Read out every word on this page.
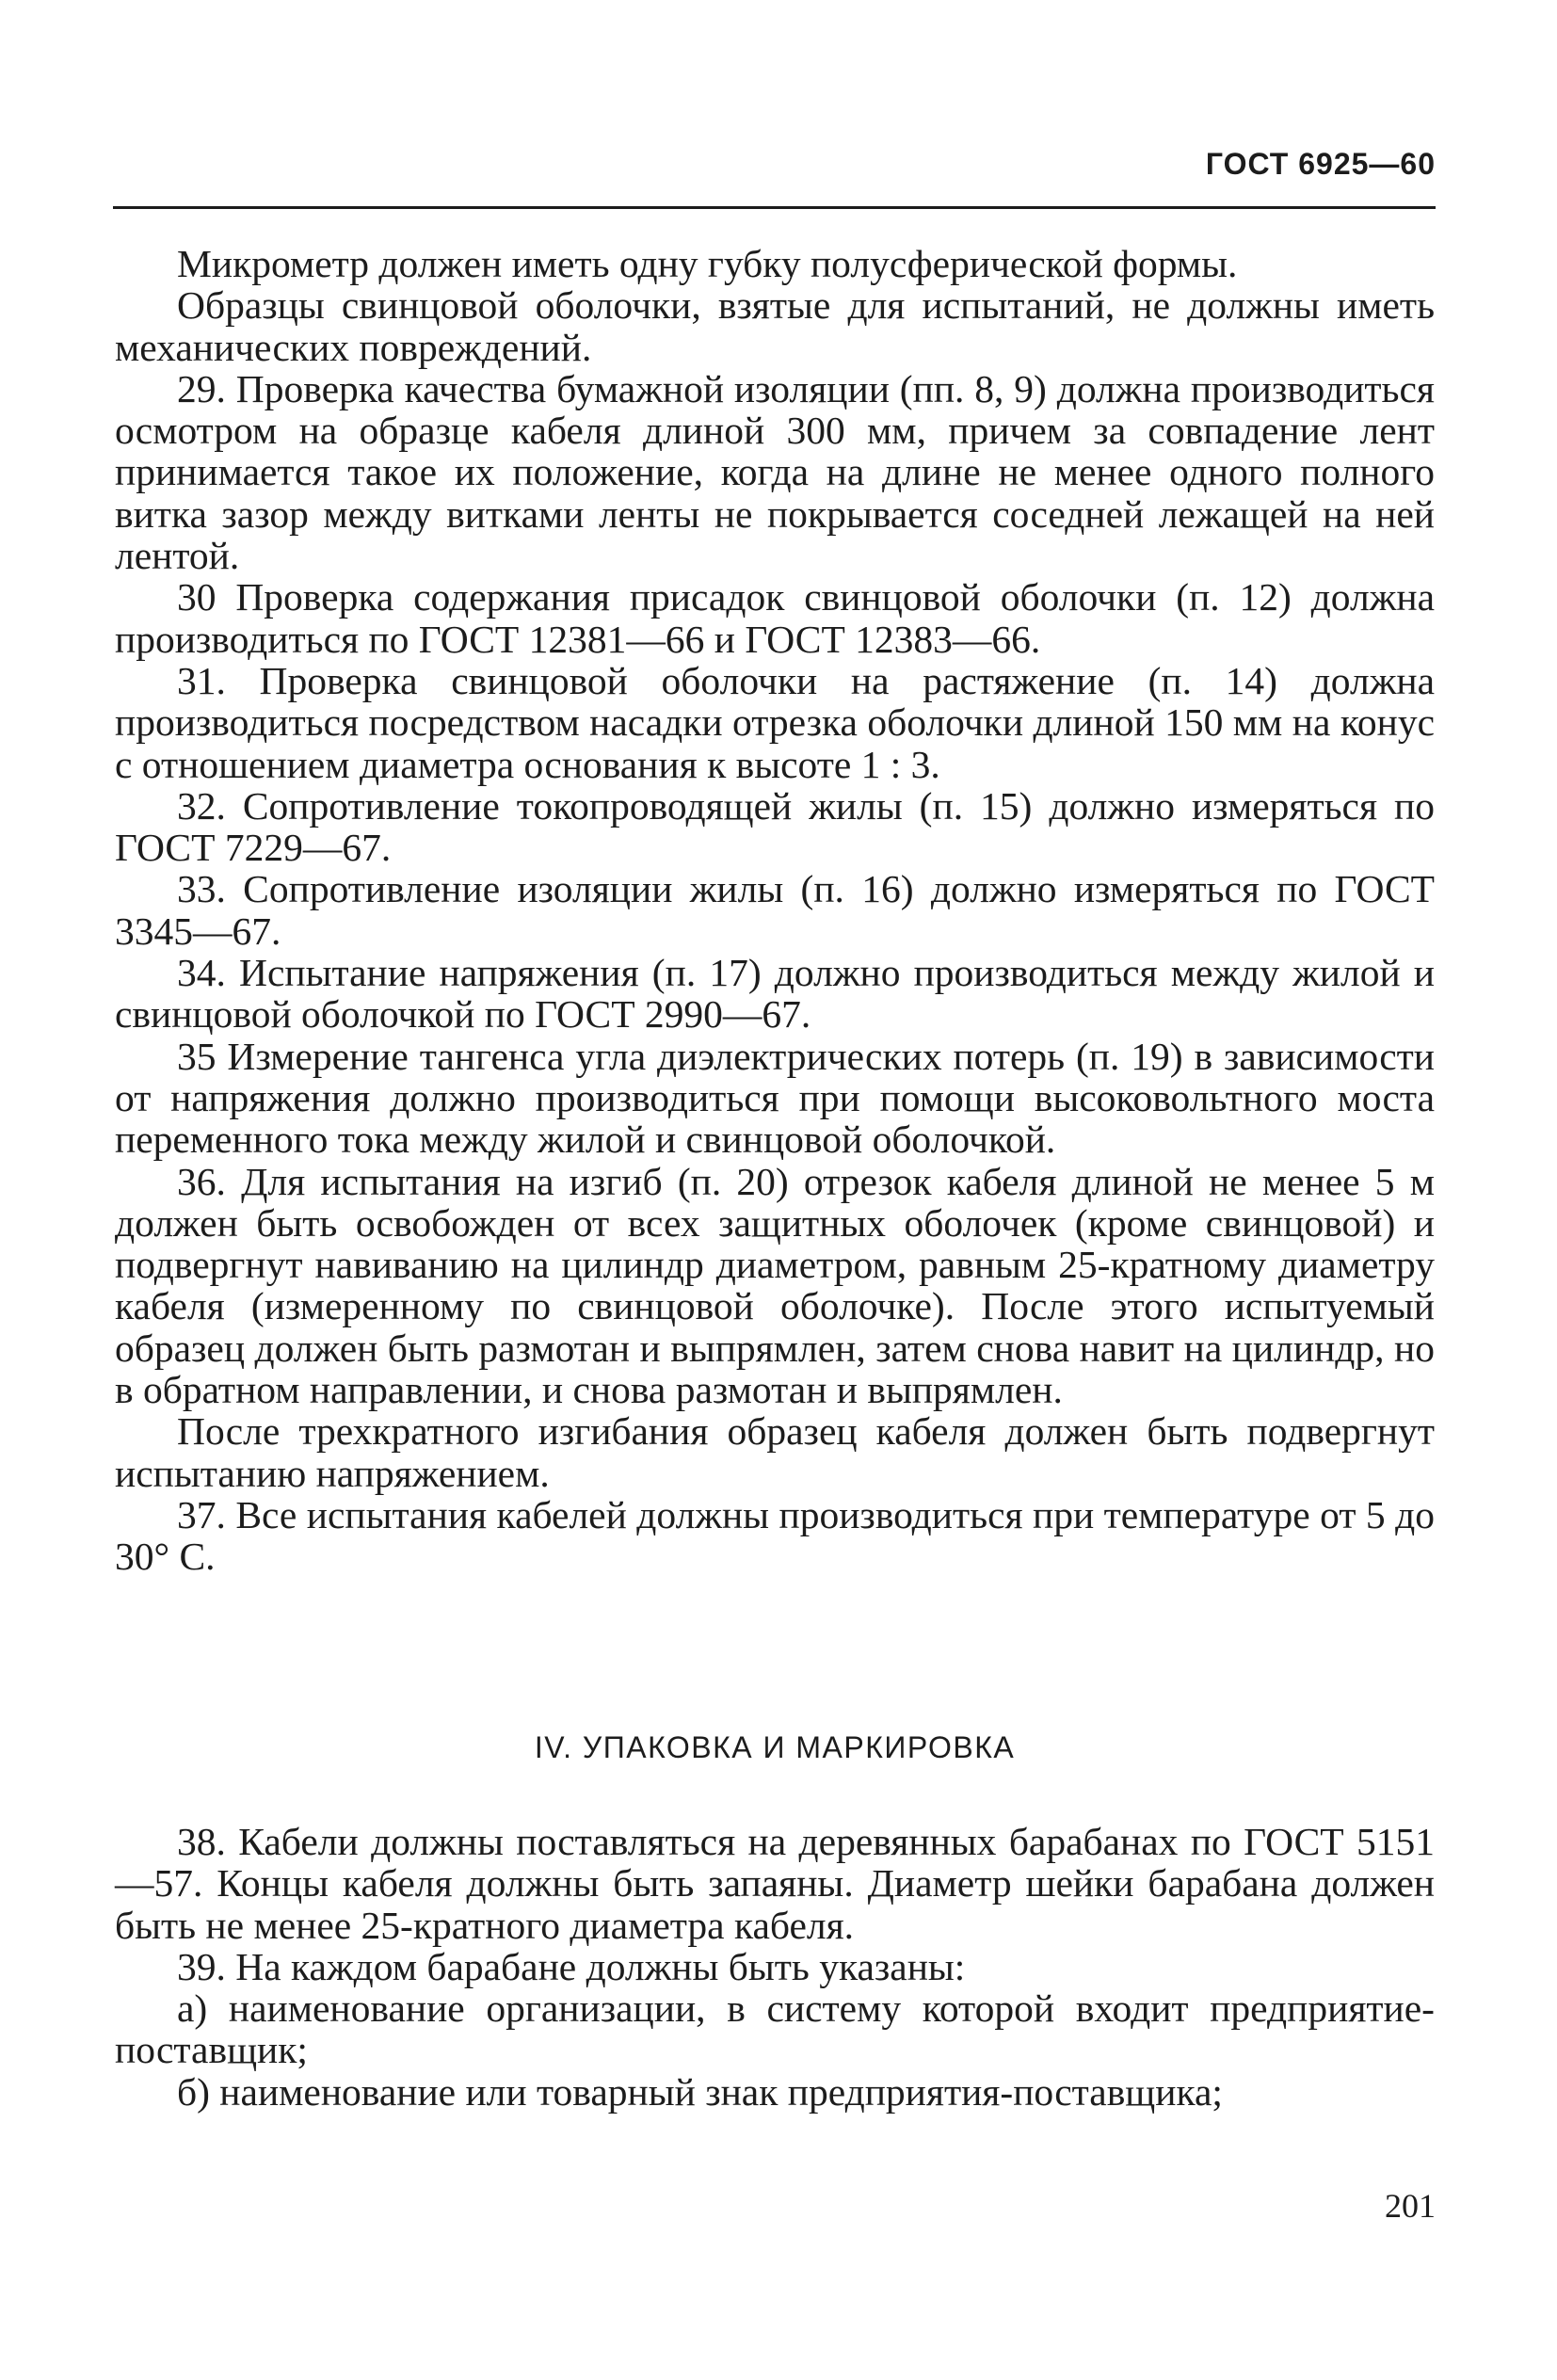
ГОСТ 6925—60

Микрометр должен иметь одну губку полусферической формы.

Образцы свинцовой оболочки, взятые для испытаний, не должны иметь механических повреждений.

29. Проверка качества бумажной изоляции (пп. 8, 9) должна производиться осмотром на образце кабеля длиной 300 мм, причем за совпадение лент принимается такое их положение, когда на длине не менее одного полного витка зазор между витками ленты не покрывается соседней лежащей на ней лентой.

30 Проверка содержания присадок свинцовой оболочки (п. 12) должна производиться по ГОСТ 12381—66 и ГОСТ 12383—66.

31. Проверка свинцовой оболочки на растяжение (п. 14) должна производиться посредством насадки отрезка оболочки длиной 150 мм на конус с отношением диаметра основания к высоте 1 : 3.

32. Сопротивление токопроводящей жилы (п. 15) должно измеряться по ГОСТ 7229—67.

33. Сопротивление изоляции жилы (п. 16) должно измеряться по ГОСТ 3345—67.

34. Испытание напряжения (п. 17) должно производиться между жилой и свинцовой оболочкой по ГОСТ 2990—67.

35 Измерение тангенса угла диэлектрических потерь (п. 19) в зависимости от напряжения должно производиться при помощи высоковольтного моста переменного тока между жилой и свинцовой оболочкой.

36. Для испытания на изгиб (п. 20) отрезок кабеля длиной не менее 5 м должен быть освобожден от всех защитных оболочек (кроме свинцовой) и подвергнут навиванию на цилиндр диаметром, равным 25-кратному диаметру кабеля (измеренному по свинцовой оболочке). После этого испытуемый образец должен быть размотан и выпрямлен, затем снова навит на цилиндр, но в обратном направлении, и снова размотан и выпрямлен.

После трехкратного изгибания образец кабеля должен быть подвергнут испытанию напряжением.

37. Все испытания кабелей должны производиться при температуре от 5 до 30° С.

IV. УПАКОВКА И МАРКИРОВКА

38. Кабели должны поставляться на деревянных барабанах по ГОСТ 5151—57. Концы кабеля должны быть запаяны. Диаметр шейки барабана должен быть не менее 25-кратного диаметра кабеля.

39. На каждом барабане должны быть указаны:

а) наименование организации, в систему которой входит предприятие-поставщик;

б) наименование или товарный знак предприятия-поставщика;

201
